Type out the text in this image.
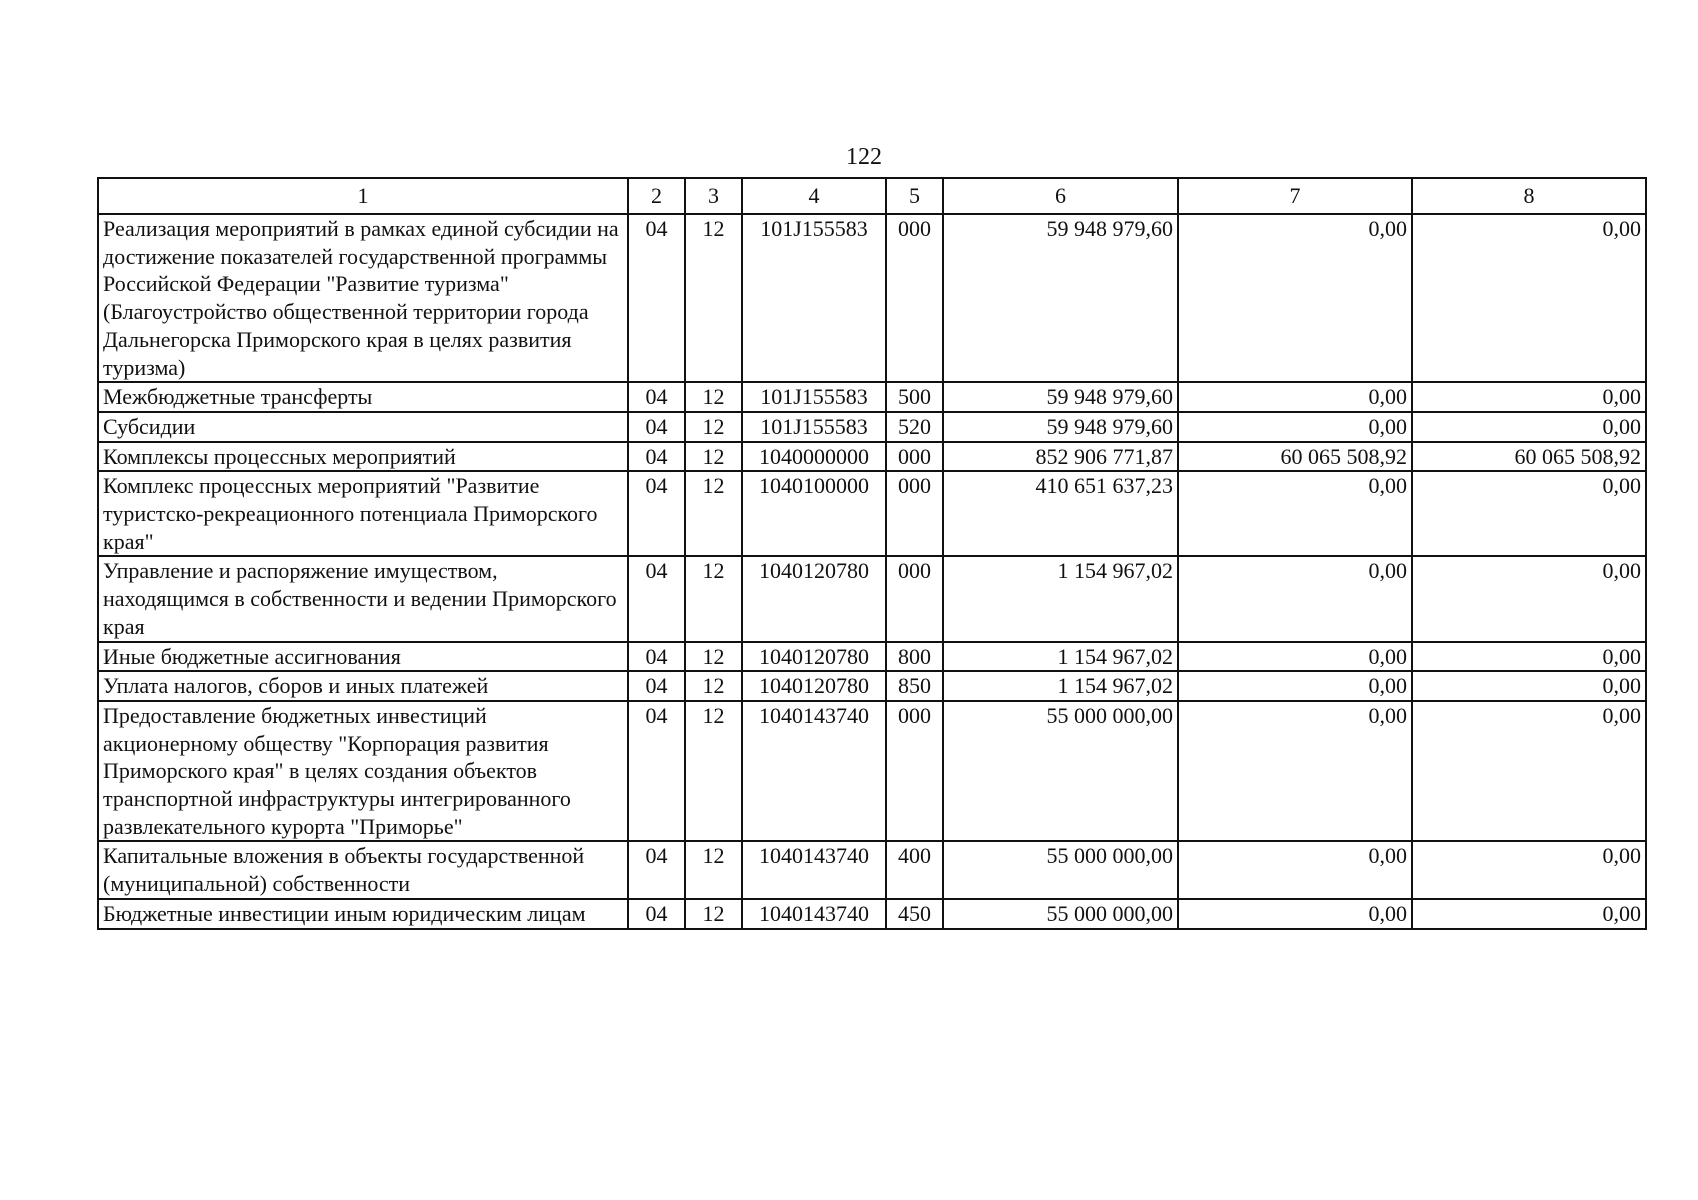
122
1	2	3	4	5	6	7	8
Реализация мероприятий в рамках единой субсидии на достижение показателей государственной программы Российской Федерации "Развитие туризма" (Благоустройство общественной территории города Дальнегорска Приморского края в целях развития туризма)	04	12	101J155583	000	59 948 979,60	0,00	0,00
Межбюджетные трансферты	04	12	101J155583	500	59 948 979,60	0,00	0,00
Субсидии	04	12	101J155583	520	59 948 979,60	0,00	0,00
Комплексы процессных мероприятий	04	12	1040000000	000	852 906 771,87	60 065 508,92	60 065 508,92
Комплекс процессных мероприятий "Развитие туристско-рекреационного потенциала Приморского края"	04	12	1040100000	000	410 651 637,23	0,00	0,00
Управление и распоряжение имуществом, находящимся в собственности и ведении Приморского края	04	12	1040120780	000	1 154 967,02	0,00	0,00
Иные бюджетные ассигнования	04	12	1040120780	800	1 154 967,02	0,00	0,00
Уплата налогов, сборов и иных платежей	04	12	1040120780	850	1 154 967,02	0,00	0,00
Предоставление бюджетных инвестиций акционерному обществу "Корпорация развития Приморского края" в целях создания объектов транспортной инфраструктуры интегрированного развлекательного курорта "Приморье"	04	12	1040143740	000	55 000 000,00	0,00	0,00
Капитальные вложения в объекты государственной (муниципальной) собственности	04	12	1040143740	400	55 000 000,00	0,00	0,00
Бюджетные инвестиции иным юридическим лицам	04	12	1040143740	450	55 000 000,00	0,00	0,00
